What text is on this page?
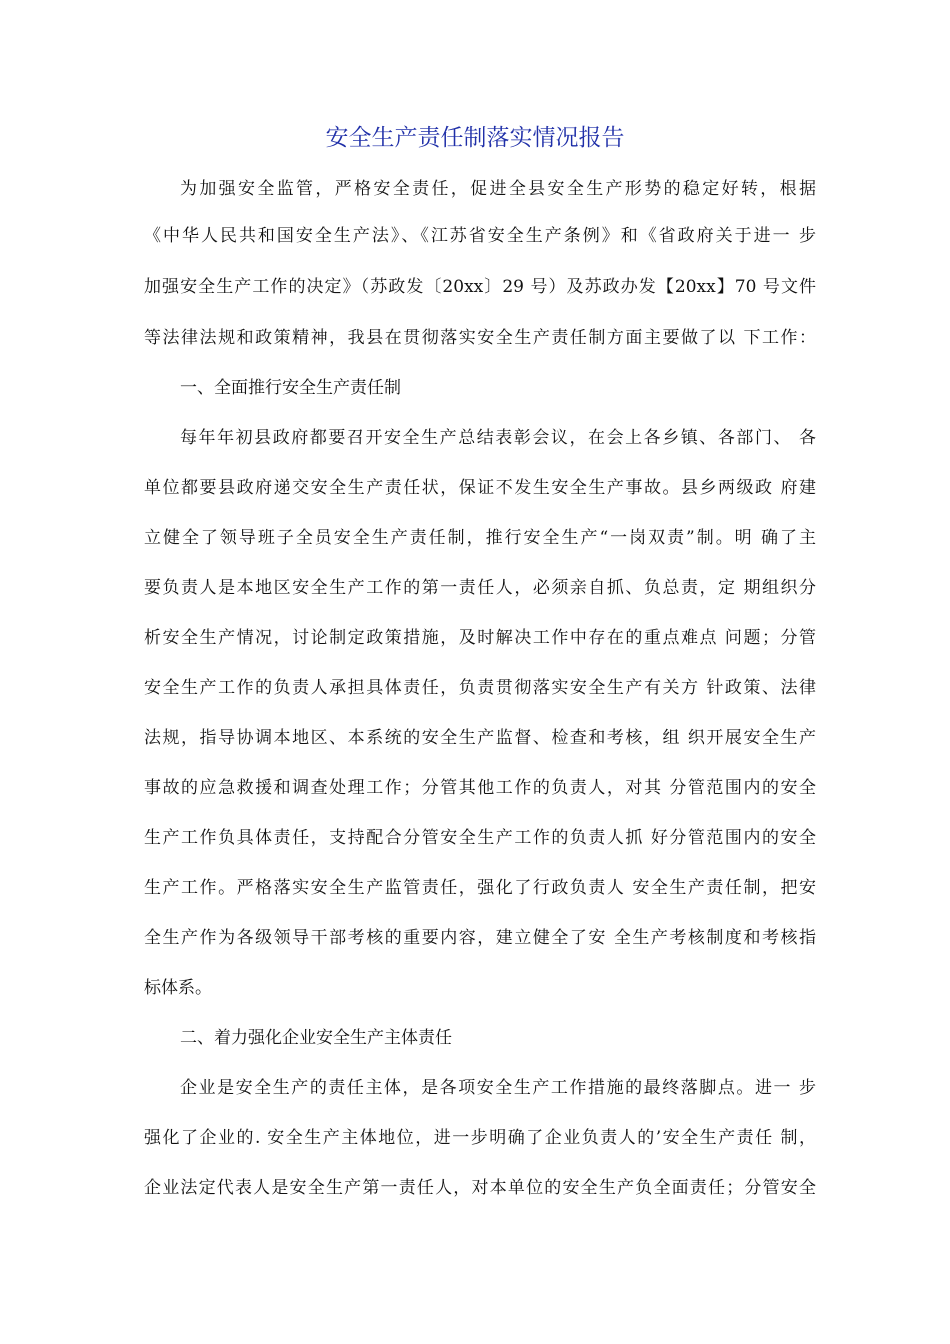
安全生产责任制落实情况报告
为加强安全监管，严格安全责任，促进全县安全生产形势的稳定好转，根据
《中华人民共和国安全生产法》、《江苏省安全生产条例》和《省政府关于进一 步
加强安全生产工作的决定》（苏政发〔20xx〕29 号）及苏政办发【20xx】70 号文件
等法律法规和政策精神，我县在贯彻落实安全生产责任制方面主要做了以 下工作：
一、全面推行安全生产责任制
每年年初县政府都要召开安全生产总结表彰会议，在会上各乡镇、各部门、 各
单位都要县政府递交安全生产责任状，保证不发生安全生产事故。县乡两级政 府建
立健全了领导班子全员安全生产责任制，推行安全生产“一岗双责”制。明 确了主
要负责人是本地区安全生产工作的第一责任人，必须亲自抓、负总责，定 期组织分
析安全生产情况，讨论制定政策措施，及时解决工作中存在的重点难点 问题；分管
安全生产工作的负责人承担具体责任，负责贯彻落实安全生产有关方 针政策、法律
法规，指导协调本地区、本系统的安全生产监督、检查和考核，组 织开展安全生产
事故的应急救援和调查处理工作；分管其他工作的负责人，对其 分管范围内的安全
生产工作负具体责任，支持配合分管安全生产工作的负责人抓 好分管范围内的安全
生产工作。严格落实安全生产监管责任，强化了行政负责人 安全生产责任制，把安
全生产作为各级领导干部考核的重要内容，建立健全了安 全生产考核制度和考核指
标体系。
二、着力强化企业安全生产主体责任
企业是安全生产的责任主体，是各项安全生产工作措施的最终落脚点。进一 步
强化了企业的. 安全生产主体地位，进一步明确了企业负责人的’安全生产责任 制，
企业法定代表人是安全生产第一责任人，对本单位的安全生产负全面责任；分管安全
